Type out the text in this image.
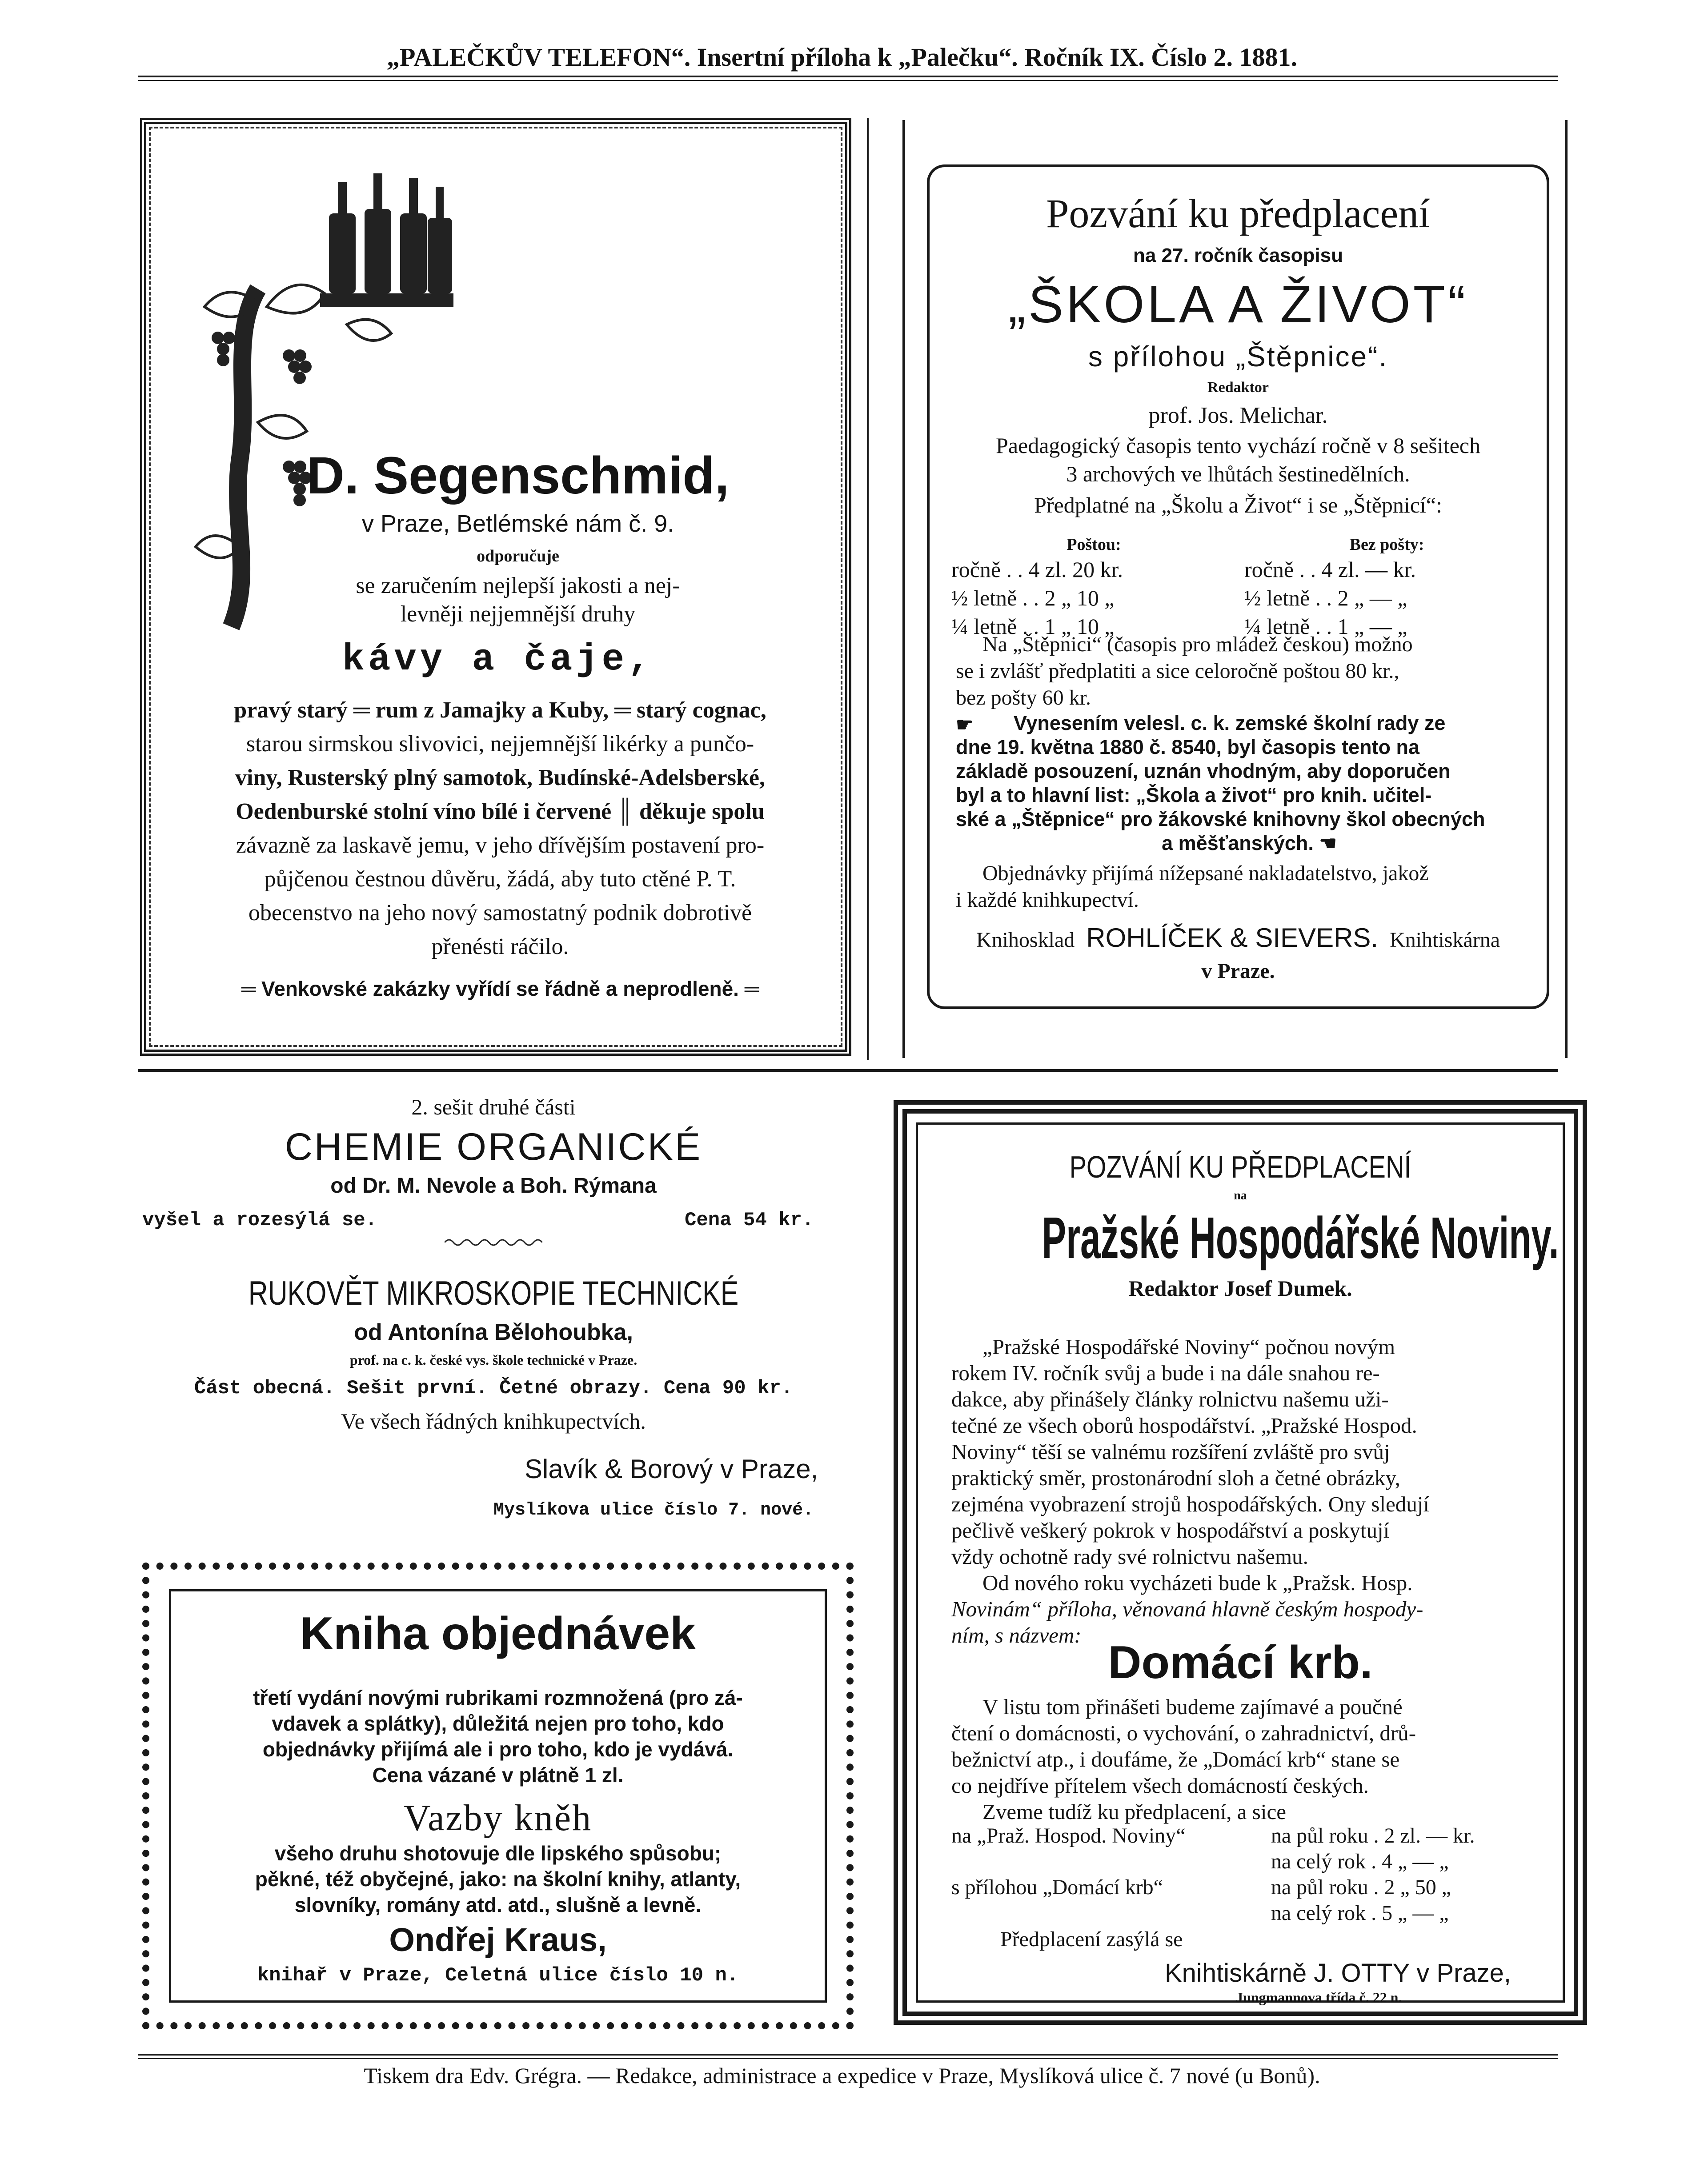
„PALEČKŮV TELEFON“. Insertní příloha k „Palečku“. Ročník IX. Číslo 2. 1881.
D. Segenschmid,
v Praze, Betlémské nám č. 9.
odporučuje
se zaručením nejlepší jakosti a nej-
levněji nejjemnější druhy
kávy a čaje,
pravý starý ═ rum z Jamajky a Kuby, ═ starý cognac,
starou sirmskou slivovici, nejjemnější likérky a punčo-
viny, Rusterský plný samotok, Budínské-Adelsberské,
Oedenburské stolní víno bílé i červené ║ děkuje spolu
závazně za laskavě jemu, v jeho dřívějším postavení pro-
půjčenou čestnou důvěru, žádá, aby tuto ctěné P. T.
obecenstvo na jeho nový samostatný podnik dobrotivě
přenésti ráčilo.
═ Venkovské zakázky vyřídí se řádně a neprodleně. ═
Pozvání ku předplacení
na 27. ročník časopisu
„ŠKOLA A ŽIVOT“
s přílohou „Štěpnice“.
Redaktor
prof. Jos. Melichar.
Paedagogický časopis tento vychází ročně v 8 sešitech
3 archových ve lhůtách šestinedělních.
Předplatné na „Školu a Život“ i se „Štěpnicí“:
Poštou:	Bez pošty:
ročně . . 4 zl. 20 kr.	ročně . . 4 zl. — kr.
½ letně . . 2 „ 10 „	½ letně . . 2 „ — „
¼ letně . . 1 „ 10 „	¼ letně . . 1 „ — „
Na „Štěpnici“ (časopis pro mládež českou) možno
se i zvlášť předplatiti a sice celoročně poštou 80 kr.,
bez pošty 60 kr.
☛ Vynesením velesl. c. k. zemské školní rady ze
dne 19. května 1880 č. 8540, byl časopis tento na
základě posouzení, uznán vhodným, aby doporučen
byl a to hlavní list: „Škola a život“ pro knih. učitel-
ské a „Štěpnice“ pro žákovské knihovny škol obecných
a měšťanských. ☚
Objednávky přijímá nížepsané nakladatelstvo, jakož
i každé knihkupectví.
Knihosklad ROHLÍČEK & SIEVERS. Knihtiskárna
v Praze.
2. sešit druhé části
CHEMIE ORGANICKÉ
od Dr. M. Nevole a Boh. Rýmana
vyšel a rozesýlá se.	Cena 54 kr.
RUKOVĚT MIKROSKOPIE TECHNICKÉ
od Antonína Bělohoubka,
prof. na c. k. české vys. škole technické v Praze.
Část obecná. Sešit první. Četné obrazy. Cena 90 kr.
Ve všech řádných knihkupectvích.
Slavík & Borový v Praze,
Myslíkova ulice číslo 7. nové.
Kniha objednávek
třetí vydání novými rubrikami rozmnožená (pro zá-
vdavek a splátky), důležitá nejen pro toho, kdo
objednávky přijímá ale i pro toho, kdo je vydává.
Cena vázané v plátně 1 zl.
Vazby kněh
všeho druhu shotovuje dle lipského spůsobu;
pěkné, též obyčejné, jako: na školní knihy, atlanty,
slovníky, romány atd. atd., slušně a levně.
Ondřej Kraus,
knihař v Praze, Celetná ulice číslo 10 n.
POZVÁNÍ KU PŘEDPLACENÍ
na
Pražské Hospodářské Noviny.
Redaktor Josef Dumek.
„Pražské Hospodářské Noviny“ počnou novým
rokem IV. ročník svůj a bude i na dále snahou re-
dakce, aby přinášely články rolnictvu našemu uži-
tečné ze všech oborů hospodářství. „Pražské Hospod.
Noviny“ těší se valnému rozšíření zvláště pro svůj
praktický směr, prostonárodní sloh a četné obrázky,
zejména vyobrazení strojů hospodářských. Ony sledují
pečlivě veškerý pokrok v hospodářství a poskytují
vždy ochotně rady své rolnictvu našemu.
Od nového roku vycházeti bude k „Pražsk. Hosp.
Novinám“ příloha, věnovaná hlavně českým hospody-
ním, s názvem:
Domácí krb.
V listu tom přinášeti budeme zajímavé a poučné
čtení o domácnosti, o vychování, o zahradnictví, drů-
bežnictví atp., i doufáme, že „Domácí krb“ stane se
co nejdříve přítelem všech domácností českých.
Zveme tudíž ku předplacení, a sice
na „Praž. Hospod. Noviny“	na půl roku . 2 zl. — kr.
	na celý rok . 4 „ — „
s přílohou „Domácí krb“	na půl roku . 2 „ 50 „
	na celý rok . 5 „ — „
Předplacení zasýlá se
Knihtiskárně J. OTTY v Praze,
Jungmannova třída č. 22 n.
Tiskem dra Edv. Grégra. — Redakce, administrace a expedice v Praze, Myslíková ulice č. 7 nové (u Bonů).
